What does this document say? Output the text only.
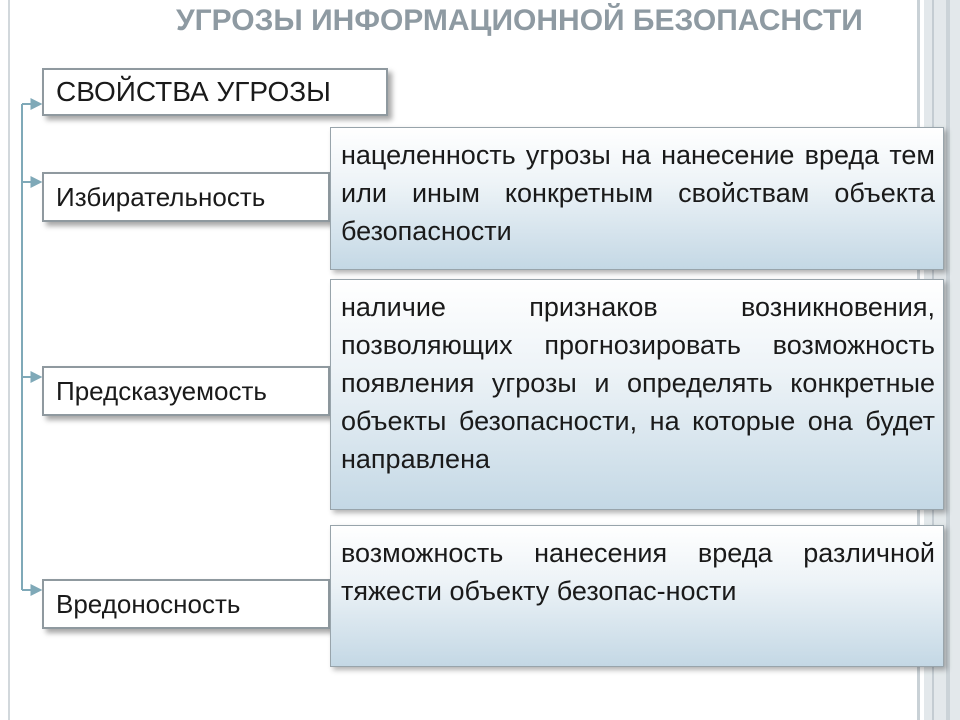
УГРОЗЫ ИНФОРМАЦИОННОЙ БЕЗОПАСНСТИ
СВОЙСТВА УГРОЗЫ
Избирательность
нацеленность угрозы на нанесение вреда тем или иным конкретным свойствам объекта безопасности
Предсказуемость
наличие признаков возникновения, позволяющих прогнозировать возможность появления угрозы и определять конкретные объекты безопасности, на которые она будет направлена
Вредоносность
возможность нанесения вреда различной тяжести объекту безопас-ности
